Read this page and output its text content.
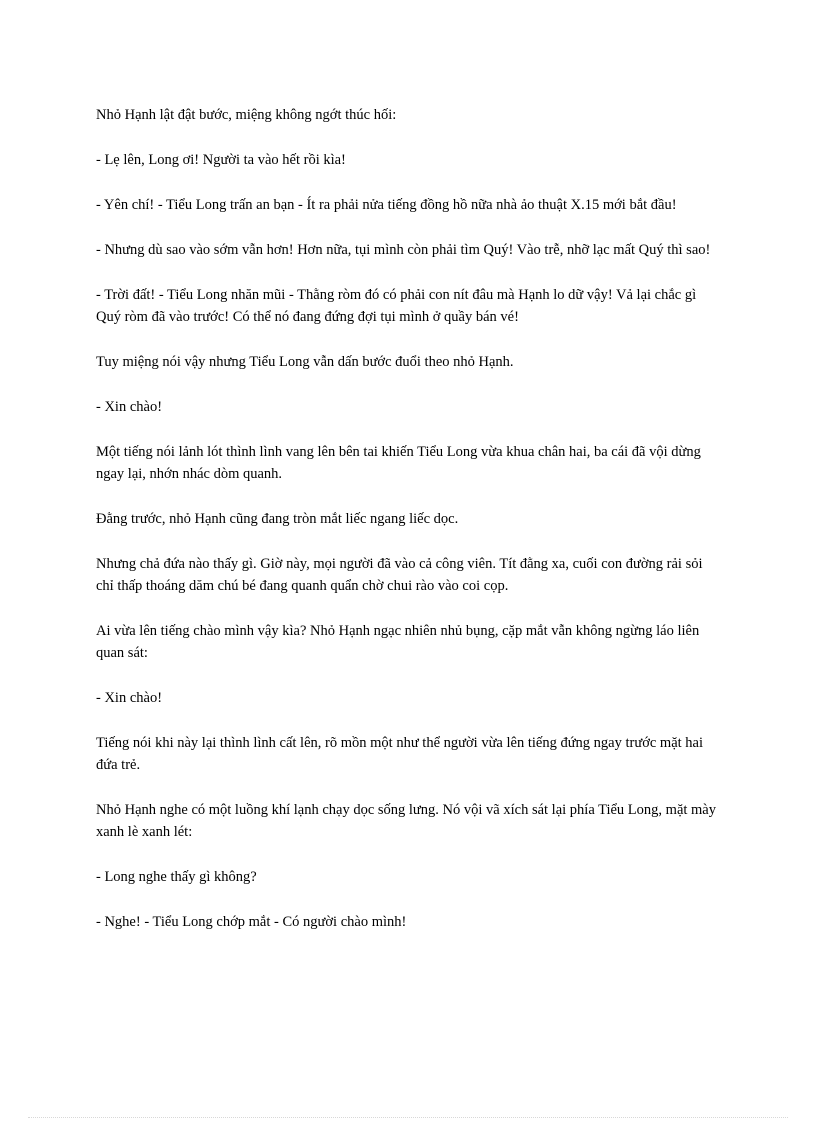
Nhỏ Hạnh lật đật bước, miệng không ngớt thúc hối:

- Lẹ lên, Long ơi! Người ta vào hết rồi kìa!

- Yên chí! - Tiểu Long trấn an bạn - Ít ra phải nửa tiếng đồng hồ nữa nhà ảo thuật X.15 mới bắt đầu!

- Nhưng dù sao vào sớm vẫn hơn! Hơn nữa, tụi mình còn phải tìm Quý! Vào trễ, nhỡ lạc mất Quý thì sao!

- Trời đất! - Tiểu Long nhăn mũi - Thằng ròm đó có phải con nít đâu mà Hạnh lo dữ vậy! Vả lại chắc gì Quý ròm đã vào trước! Có thể nó đang đứng đợi tụi mình ở quầy bán vé!

Tuy miệng nói vậy nhưng Tiểu Long vẫn dấn bước đuổi theo nhỏ Hạnh.

- Xin chào!

Một tiếng nói lảnh lót thình lình vang lên bên tai khiến Tiểu Long vừa khua chân hai, ba cái đã vội dừng ngay lại, nhớn nhác dòm quanh.

Đằng trước, nhỏ Hạnh cũng đang tròn mắt liếc ngang liếc dọc.

Nhưng chả đứa nào thấy gì. Giờ này, mọi người đã vào cả công viên. Tít đằng xa, cuối con đường rải sỏi chỉ thấp thoáng dăm chú bé đang quanh quẩn chờ chui rào vào coi cọp.

Ai vừa lên tiếng chào mình vậy kìa? Nhỏ Hạnh ngạc nhiên nhủ bụng, cặp mắt vẫn không ngừng láo liên quan sát:

- Xin chào!

Tiếng nói khi này lại thình lình cất lên, rõ mồn một như thể người vừa lên tiếng đứng ngay trước mặt hai đứa trẻ.

Nhỏ Hạnh nghe có một luồng khí lạnh chạy dọc sống lưng. Nó vội vã xích sát lại phía Tiểu Long, mặt mày xanh lè xanh lét:

- Long nghe thấy gì không?

- Nghe! - Tiểu Long chớp mắt - Có người chào mình!
